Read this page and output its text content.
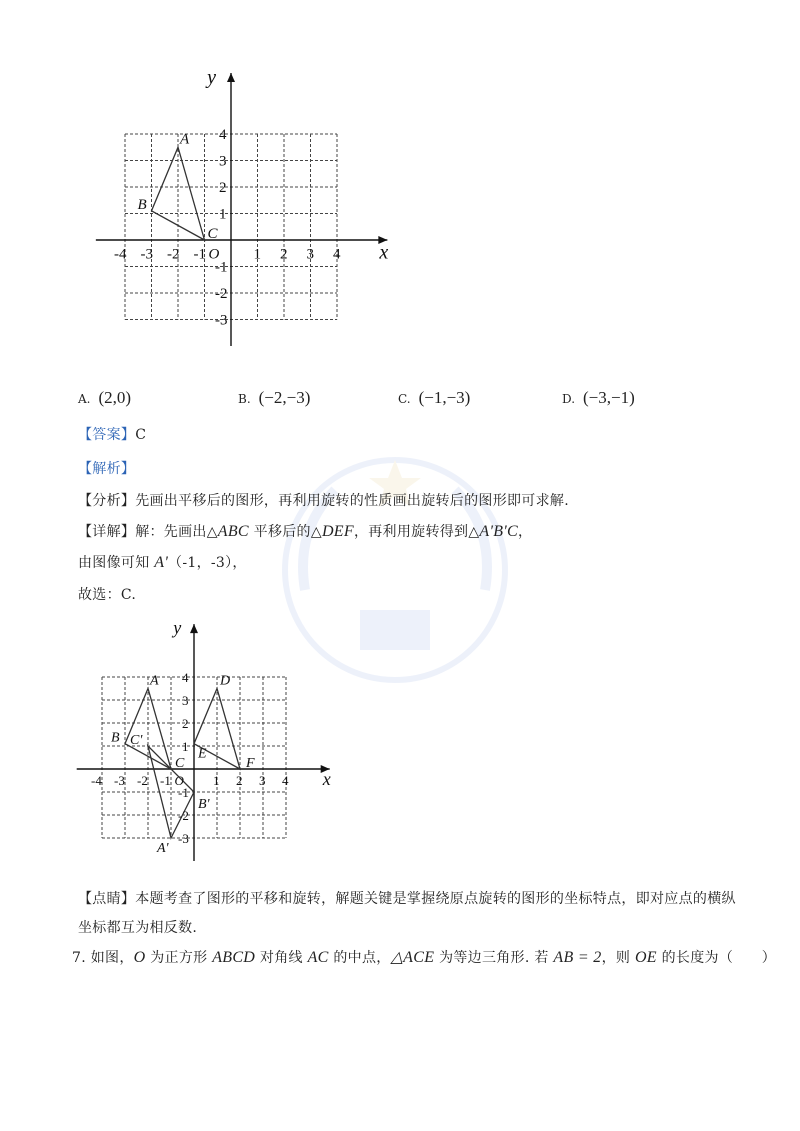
x
y
O
-4 -3 -2 -1	1 2 3 4
4
3
2
1
-1
-2
-3
A
B
C
A. (2,0)	B. (−2,−3)	C. (−1,−3)	D. (−3,−1)
【答案】C
【解析】
【分析】先画出平移后的图形，再利用旋转的性质画出旋转后的图形即可求解.
【详解】解：先画出△ABC 平移后的△DEF，再利用旋转得到△A'B'C，
由图像可知 A'（-1，-3），
故选：C.
x
y
O
-4 -3 -2 -1	1 2 3 4
4
3
2
1
-1
-2
-3
A
B
C
D
E
F
C'
B'
A'
【点睛】本题考查了图形的平移和旋转，解题关键是掌握绕原点旋转的图形的坐标特点，即对应点的横纵
坐标都互为相反数.
7. 如图，O 为正方形 ABCD 对角线 AC 的中点，△ACE 为等边三角形. 若 AB = 2，则 OE 的长度为（　　）
